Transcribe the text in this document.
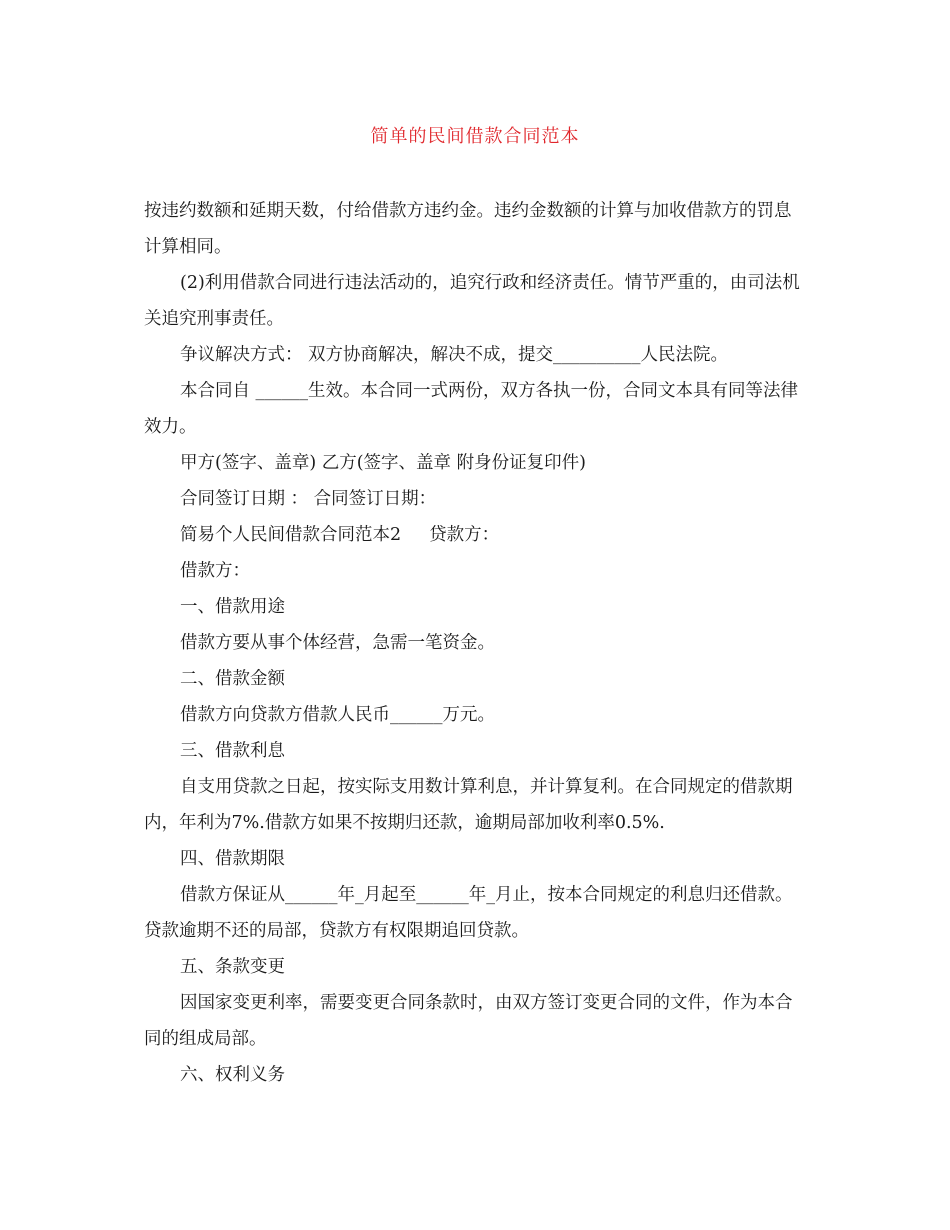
简单的民间借款合同范本

按违约数额和延期天数，付给借款方违约金。违约金数额的计算与加收借款方的罚息计算相同。

(2)利用借款合同进行违法活动的，追究行政和经济责任。情节严重的，由司法机关追究刑事责任。

争议解决方式： 双方协商解决，解决不成，提交__________人民法院。

本合同自 ______生效。本合同一式两份，双方各执一份，合同文本具有同等法律效力。

甲方(签字、盖章) 乙方(签字、盖章 附身份证复印件)

合同签订日期 ： 合同签订日期：

简易个人民间借款合同范本2 贷款方：

借款方：

一、借款用途

借款方要从事个体经营，急需一笔资金。

二、借款金额

借款方向贷款方借款人民币______万元。

三、借款利息

自支用贷款之日起，按实际支用数计算利息，并计算复利。在合同规定的借款期内，年利为7%.借款方如果不按期归还款，逾期局部加收利率0.5%.

四、借款期限

借款方保证从______年_月起至______年_月止，按本合同规定的利息归还借款。贷款逾期不还的局部，贷款方有权限期追回贷款。

五、条款变更

因国家变更利率，需要变更合同条款时，由双方签订变更合同的文件，作为本合同的组成局部。

六、权利义务
